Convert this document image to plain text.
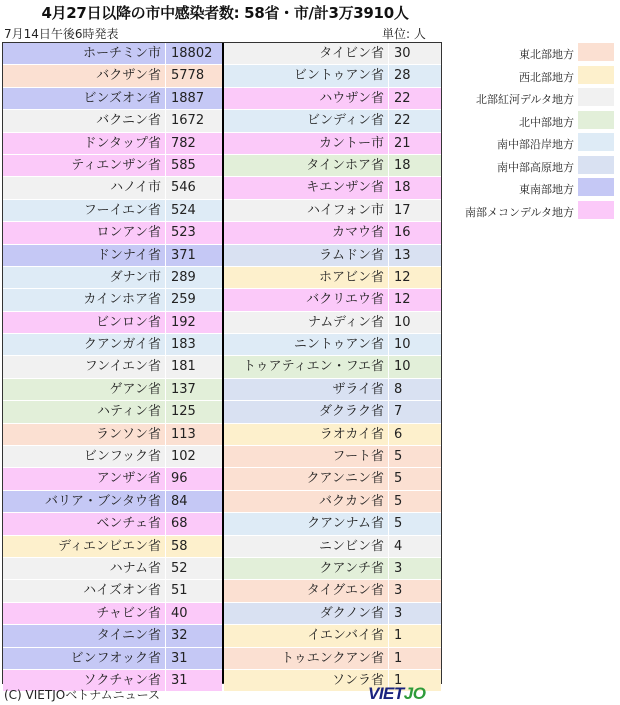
4月27日以降の市中感染者数: 58省・市/計3万3910人
7月14日午後6時発表	単位: 人
ホーチミン市 18802
バクザン省 5778
ビンズオン省 1887
バクニン省 1672
ドンタップ省 782
ティエンザン省 585
ハノイ市 546
フーイエン省 524
ロンアン省 523
ドンナイ省 371
ダナン市 289
カインホア省 259
ビンロン省 192
クアンガイ省 183
フンイエン省 181
ゲアン省 137
ハティン省 125
ランソン省 113
ビンフック省 102
アンザン省 96
バリア・ブンタウ省 84
ベンチェ省 68
ディエンビエン省 58
ハナム省 52
ハイズオン省 51
チャビン省 40
タイニン省 32
ビンフオック省 31
ソクチャン省 31
タイビン省 30
ビントゥアン省 28
ハウザン省 22
ビンディン省 22
カントー市 21
タインホア省 18
キエンザン省 18
ハイフォン市 17
カマウ省 16
ラムドン省 13
ホアビン省 12
バクリエウ省 12
ナムディン省 10
ニントゥアン省 10
トゥアティエン・フエ省 10
ザライ省 8
ダクラク省 7
ラオカイ省 6
フート省 5
クアンニン省 5
バクカン省 5
クアンナム省 5
ニンビン省 4
クアンチ省 3
タイグエン省 3
ダクノン省 3
イエンバイ省 1
トゥエンクアン省 1
ソンラ省 1
東北部地方
西北部地方
北部紅河デルタ地方
北中部地方
南中部沿岸地方
南中部高原地方
東南部地方
南部メコンデルタ地方
(C) VIETJOベトナムニュース	VIETJO
